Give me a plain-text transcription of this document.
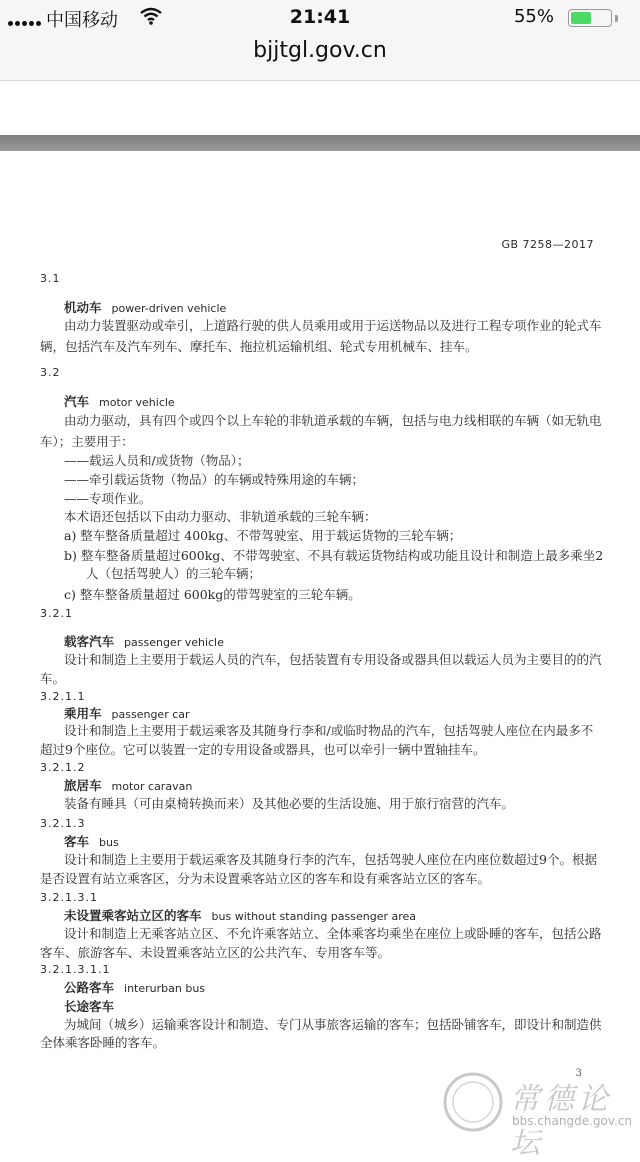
中国移动	21:41	55%
bjjtgl.gov.cn
GB 7258—2017
3.1
机动车 power-driven vehicle
由动力装置驱动或牵引，上道路行驶的供人员乘用或用于运送物品以及进行工程专项作业的轮式车
辆，包括汽车及汽车列车、摩托车、拖拉机运输机组、轮式专用机械车、挂车。
3.2
汽车 motor vehicle
由动力驱动，具有四个或四个以上车轮的非轨道承载的车辆，包括与电力线相联的车辆（如无轨电
车）；主要用于：
——载运人员和/或货物（物品）；
——牵引载运货物（物品）的车辆或特殊用途的车辆；
——专项作业。
本术语还包括以下由动力驱动、非轨道承载的三轮车辆：
a) 整车整备质量超过 400kg、不带驾驶室、用于载运货物的三轮车辆；
b) 整车整备质量超过600kg、不带驾驶室、不具有载运货物结构或功能且设计和制造上最多乘坐2
人（包括驾驶人）的三轮车辆；
c) 整车整备质量超过 600kg的带驾驶室的三轮车辆。
3.2.1
载客汽车 passenger vehicle
设计和制造上主要用于载运人员的汽车，包括装置有专用设备或器具但以载运人员为主要目的的汽
车。
3.2.1.1
乘用车 passenger car
设计和制造上主要用于载运乘客及其随身行李和/或临时物品的汽车，包括驾驶人座位在内最多不
超过9个座位。它可以装置一定的专用设备或器具，也可以牵引一辆中置轴挂车。
3.2.1.2
旅居车 motor caravan
装备有睡具（可由桌椅转换而来）及其他必要的生活设施、用于旅行宿营的汽车。
3.2.1.3
客车 bus
设计和制造上主要用于载运乘客及其随身行李的汽车，包括驾驶人座位在内座位数超过9个。根据
是否设置有站立乘客区，分为未设置乘客站立区的客车和设有乘客站立区的客车。
3.2.1.3.1
未设置乘客站立区的客车 bus without standing passenger area
设计和制造上无乘客站立区、不允许乘客站立、全体乘客均乘坐在座位上或卧睡的客车，包括公路
客车、旅游客车、未设置乘客站立区的公共汽车、专用客车等。
3.2.1.3.1.1
公路客车 interurban bus
长途客车
为城间（城乡）运输乘客设计和制造、专门从事旅客运输的客车；包括卧铺客车，即设计和制造供
全体乘客卧睡的客车。
3
常德论坛
bbs.changde.gov.cn
